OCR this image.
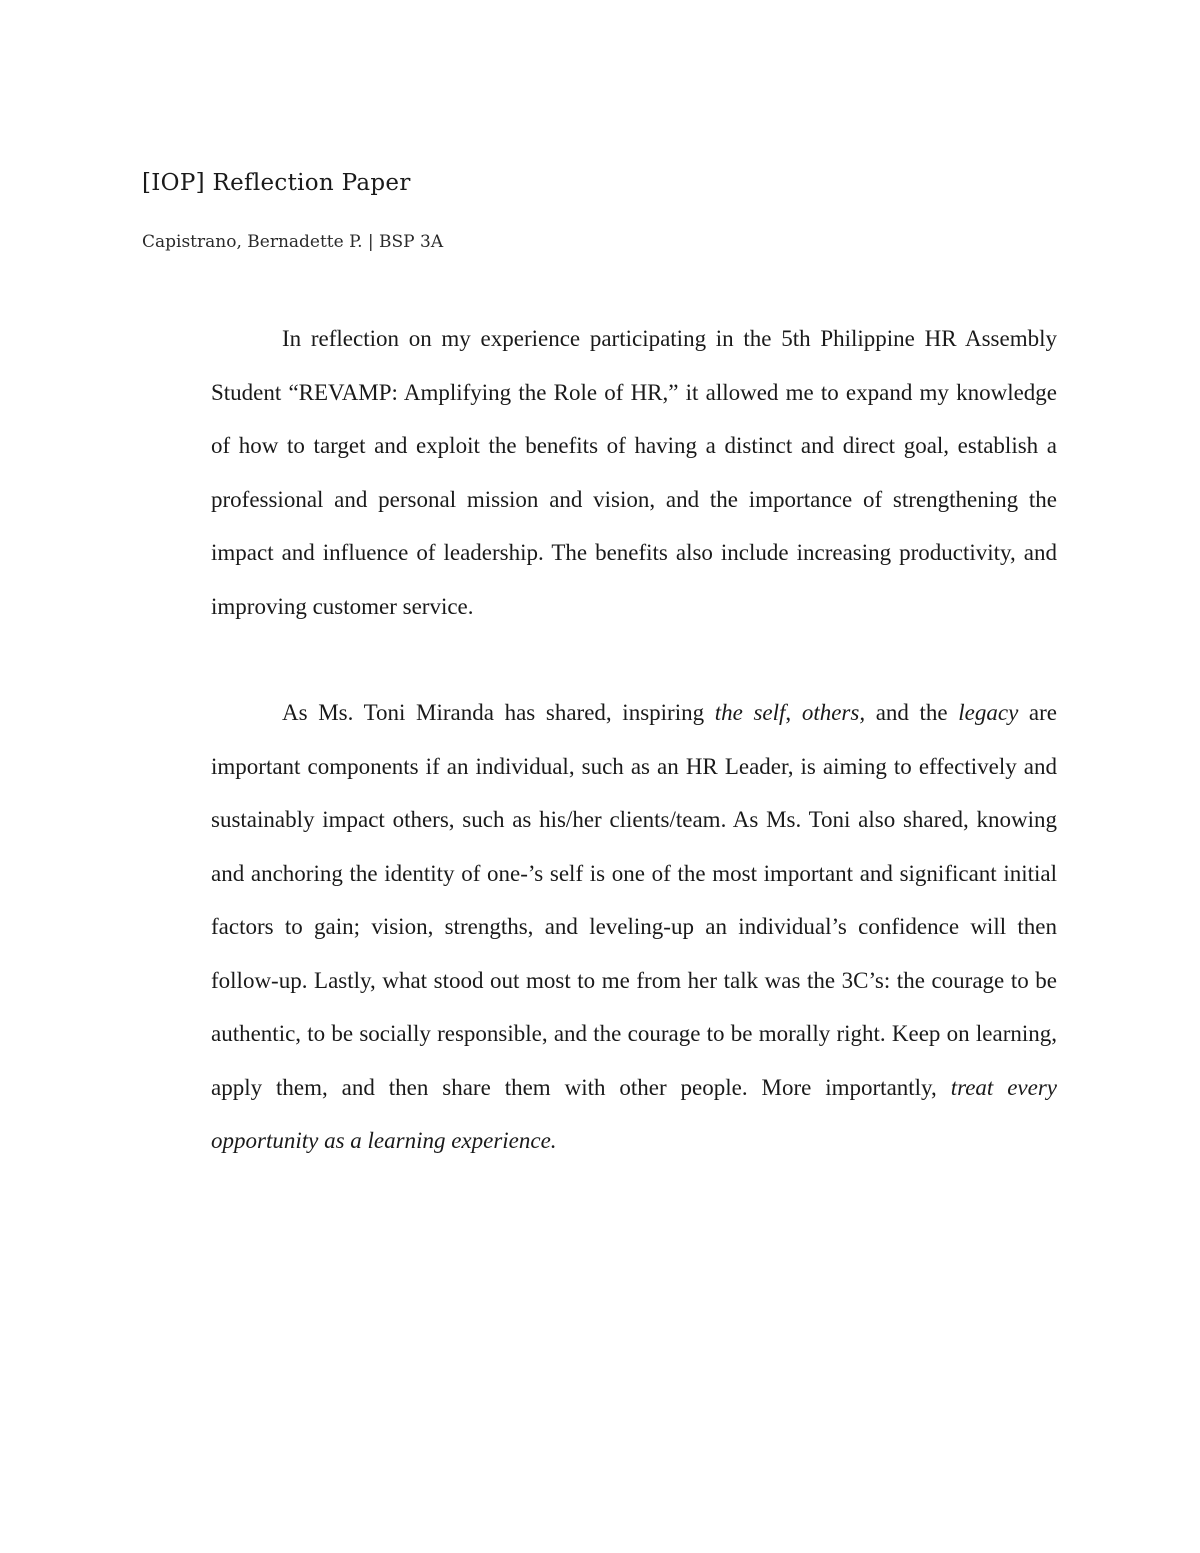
[IOP] Reflection Paper

Capistrano, Bernadette P. | BSP 3A

In reflection on my experience participating in the 5th Philippine HR Assembly Student “REVAMP: Amplifying the Role of HR,” it allowed me to expand my knowledge of how to target and exploit the benefits of having a distinct and direct goal, establish a professional and personal mission and vision, and the importance of strengthening the impact and influence of leadership. The benefits also include increasing productivity, and improving customer service.

As Ms. Toni Miranda has shared, inspiring the self, others, and the legacy are important components if an individual, such as an HR Leader, is aiming to effectively and sustainably impact others, such as his/her clients/team. As Ms. Toni also shared, knowing and anchoring the identity of one-’s self is one of the most important and significant initial factors to gain; vision, strengths, and leveling-up an individual’s confidence will then follow-up. Lastly, what stood out most to me from her talk was the 3C’s: the courage to be authentic, to be socially responsible, and the courage to be morally right. Keep on learning, apply them, and then share them with other people. More importantly, treat every opportunity as a learning experience.
